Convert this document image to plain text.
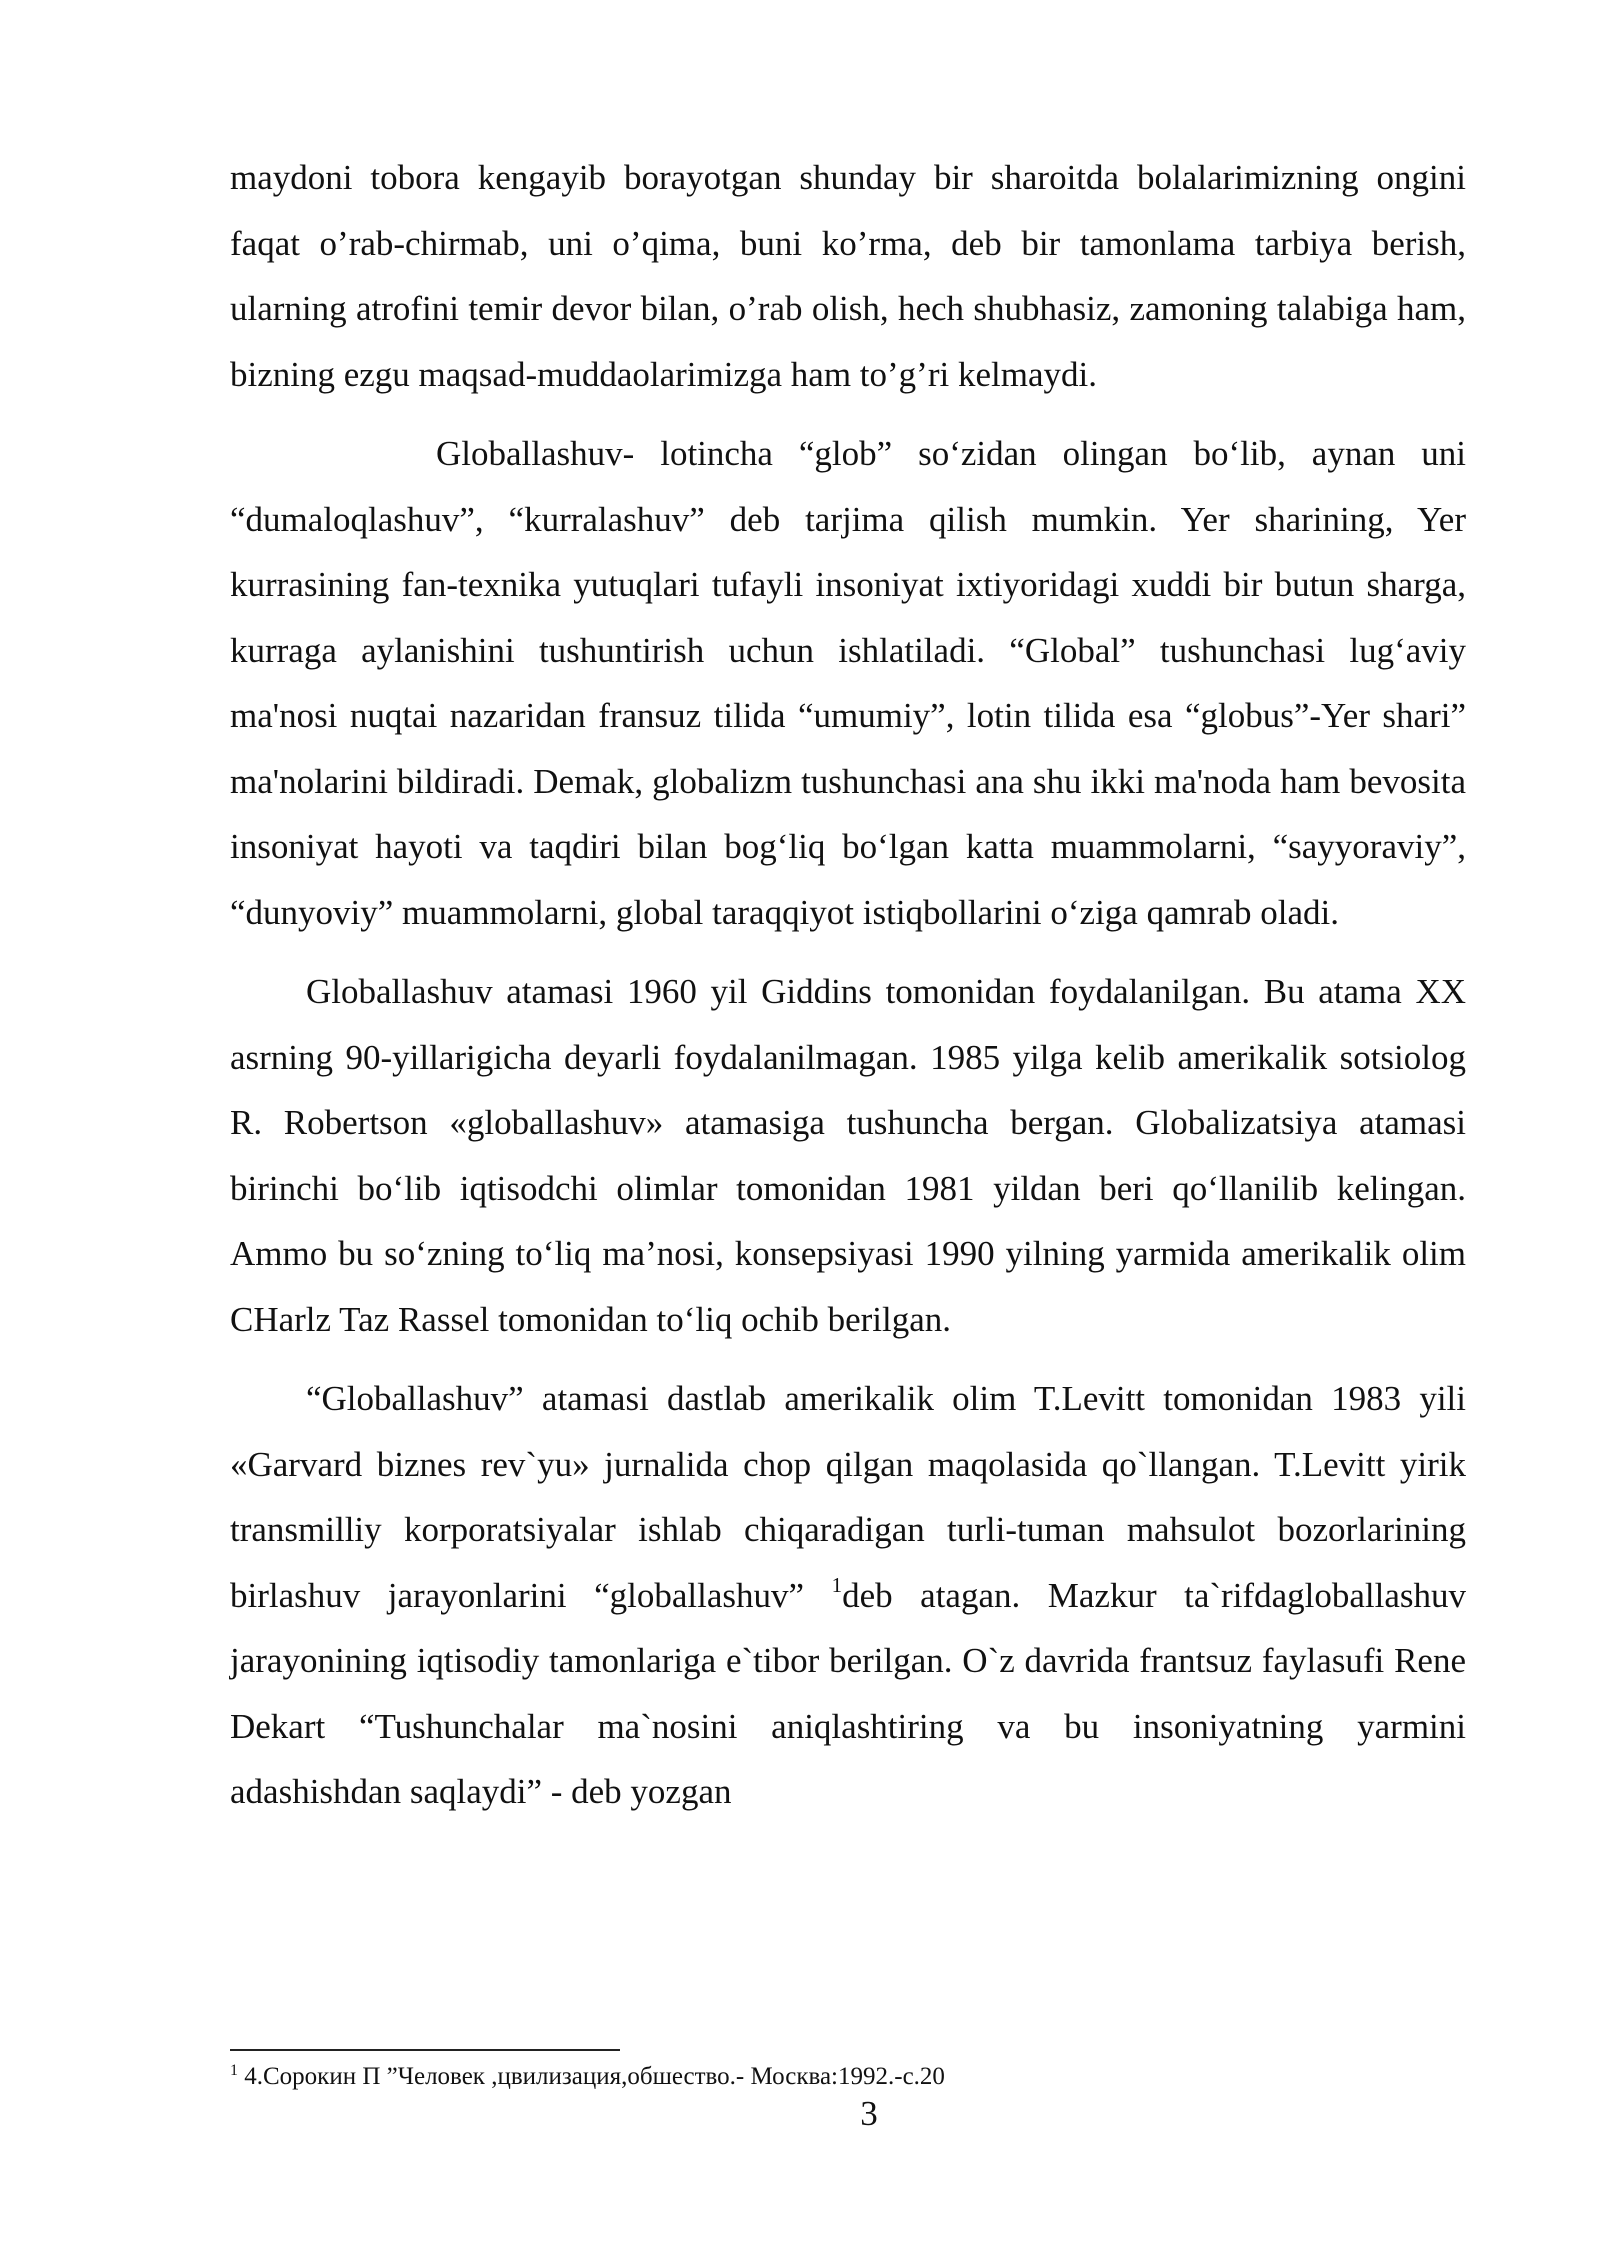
maydoni tobora kengayib borayotgan shunday bir sharoitda bolalarimizning ongini faqat o’rab-chirmab, uni o’qima, buni ko’rma, deb bir tamonlama tarbiya berish, ularning atrofini temir devor bilan, o’rab olish, hech shubhasiz, zamoning talabiga ham, bizning ezgu maqsad-muddaolarimizga ham to’g’ri kelmaydi.

Globallashuv- lotincha “glob” so‘zidan olingan bo‘lib, aynan uni “dumaloqlashuv”, “kurralashuv” deb tarjima qilish mumkin. Yer sharining, Yer kurrasining fan-texnika yutuqlari tufayli insoniyat ixtiyoridagi xuddi bir butun sharga, kurraga aylanishini tushuntirish uchun ishlatiladi. “Global” tushunchasi lug‘aviy ma'nosi nuqtai nazaridan fransuz tilida “umumiy”, lotin tilida esa “globus”-Yer shari” ma'nolarini bildiradi. Demak, globalizm tushunchasi ana shu ikki ma'noda ham bevosita insoniyat hayoti va taqdiri bilan bog‘liq bo‘lgan katta muammolarni, “sayyoraviy”, “dunyoviy” muammolarni, global taraqqiyot istiqbollarini o‘ziga qamrab oladi.

Globallashuv atamasi 1960 yil Giddins tomonidan foydalanilgan. Bu atama XX asrning 90-yillarigicha deyarli foydalanilmagan. 1985 yilga kelib amerikalik sotsiolog R. Robertson «globallashuv» atamasiga tushuncha bergan. Globalizatsiya atamasi birinchi bo‘lib iqtisodchi olimlar tomonidan 1981 yildan beri qo‘llanilib kelingan. Ammo bu so‘zning to‘liq ma’nosi, konsepsiyasi 1990 yilning yarmida amerikalik olim CHarlz Taz Rassel tomonidan to‘liq ochib berilgan.

“Globallashuv” atamasi dastlab amerikalik olim T.Levitt tomonidan 1983 yili «Garvard biznes rev`yu» jurnalida chop qilgan maqolasida qo`llangan. T.Levitt yirik transmilliy korporatsiyalar ishlab chiqaradigan turli-tuman mahsulot bozorlarining birlashuv jarayonlarini “globallashuv” $^1$deb atagan. Mazkur ta`rifdagloballashuv jarayonining iqtisodiy tamonlariga e`tibor berilgan. O`z davrida frantsuz faylasufi Rene Dekart “Tushunchalar ma`nosini aniqlashtiring va bu insoniyatning yarmini adashishdan saqlaydi” - deb yozgan

$^1$ 4.Сорокин П ”Человек ,цвилизация,обшество.- Москва:1992.-с.20
3
